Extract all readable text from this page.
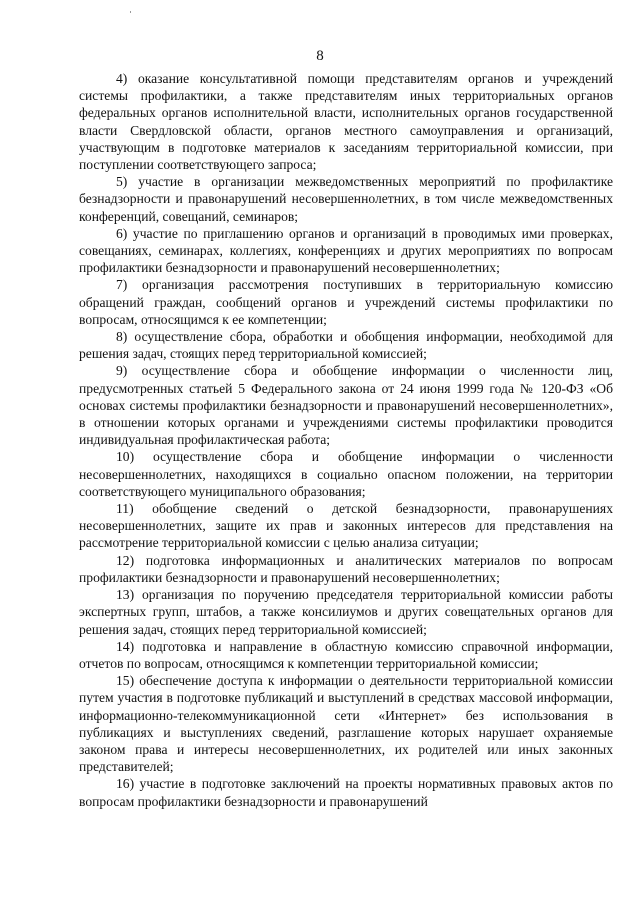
8

4) оказание консультативной помощи представителям органов и учреждений системы профилактики, а также представителям иных территориальных органов федеральных органов исполнительной власти, исполнительных органов государственной власти Свердловской области, органов местного самоуправления и организаций, участвующим в подготовке материалов к заседаниям территориальной комиссии, при поступлении соответствующего запроса;

5) участие в организации межведомственных мероприятий по профилактике безнадзорности и правонарушений несовершеннолетних, в том числе межведомственных конференций, совещаний, семинаров;

6) участие по приглашению органов и организаций в проводимых ими проверках, совещаниях, семинарах, коллегиях, конференциях и других мероприятиях по вопросам профилактики безнадзорности и правонарушений несовершеннолетних;

7) организация рассмотрения поступивших в территориальную комиссию обращений граждан, сообщений органов и учреждений системы профилактики по вопросам, относящимся к ее компетенции;

8) осуществление сбора, обработки и обобщения информации, необходимой для решения задач, стоящих перед территориальной комиссией;

9) осуществление сбора и обобщение информации о численности лиц, предусмотренных статьей 5 Федерального закона от 24 июня 1999 года № 120-ФЗ «Об основах системы профилактики безнадзорности и правонарушений несовершеннолетних», в отношении которых органами и учреждениями системы профилактики проводится индивидуальная профилактическая работа;

10) осуществление сбора и обобщение информации о численности несовершеннолетних, находящихся в социально опасном положении, на территории соответствующего муниципального образования;

11) обобщение сведений о детской безнадзорности, правонарушениях несовершеннолетних, защите их прав и законных интересов для представления на рассмотрение территориальной комиссии с целью анализа ситуации;

12) подготовка информационных и аналитических материалов по вопросам профилактики безнадзорности и правонарушений несовершеннолетних;

13) организация по поручению председателя территориальной комиссии работы экспертных групп, штабов, а также консилиумов и других совещательных органов для решения задач, стоящих перед территориальной комиссией;

14) подготовка и направление в областную комиссию справочной информации, отчетов по вопросам, относящимся к компетенции территориальной комиссии;

15) обеспечение доступа к информации о деятельности территориальной комиссии путем участия в подготовке публикаций и выступлений в средствах массовой информации, информационно-телекоммуникационной сети «Интернет» без использования в публикациях и выступлениях сведений, разглашение которых нарушает охраняемые законом права и интересы несовершеннолетних, их родителей или иных законных представителей;

16) участие в подготовке заключений на проекты нормативных правовых актов по вопросам профилактики безнадзорности и правонарушений
